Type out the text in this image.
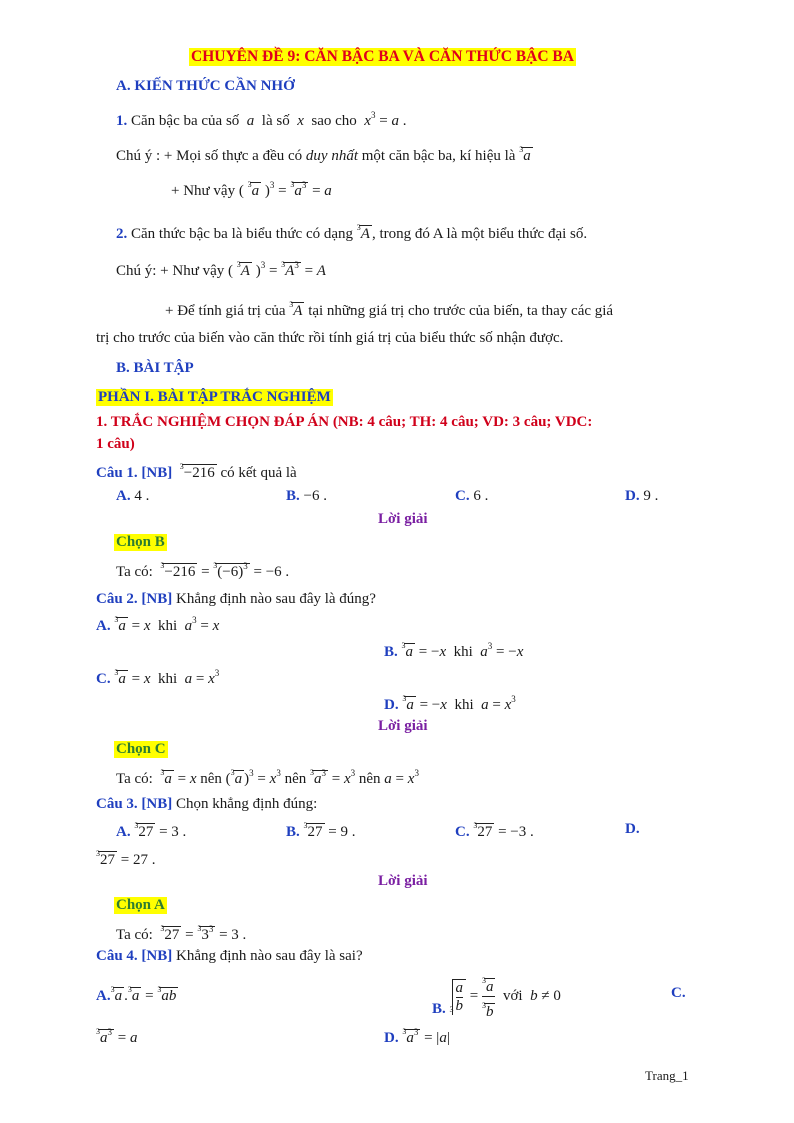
CHUYÊN ĐỀ 9: CĂN BẬC BA VÀ CĂN THỨC BẬC BA
A. KIẾN THỨC CẦN NHỚ
1. Căn bậc ba của số  a  là số  x  sao cho $x^3 = a$ .
Chú ý : + Mọi số thực a đều có duy nhất một căn bậc ba, kí hiệu là $^3$a
+ Như vậy ( $^3$a )$^3 = ^3a^3 = a$
2. Căn thức bậc ba là biểu thức có dạng $^3$A , trong đó A là một biểu thức đại số.
Chú ý: + Như vậy ( $^3$A )$^3 = ^3A^3 = A$
+ Để tính giá trị của $^3$A tại những giá trị cho trước của biến, ta thay các giá
trị cho trước của biến vào căn thức rồi tính giá trị của biểu thức số nhận được.
B. BÀI TẬP
PHẦN I. BÀI TẬP TRẮC NGHIỆM
1. TRẮC NGHIỆM CHỌN ĐÁP ÁN (NB: 4 câu; TH: 4 câu; VD: 3 câu; VDC:
1 câu)
Câu 1. [NB] $^3$−216 có kết quả là
A. 4 .	B. −6 .	C. 6 .	D. 9 .
Lời giải
Chọn B
Ta có: $^3-216 = ^3(-6)^3 = -6$ .
Câu 2. [NB] Khẳng định nào sau đây là đúng?
A. $^3$a = x khi $a^3 = x$
B. $^3$a = −x khi $a^3 = -x$
C. $^3$a = x khi $a = x^3$
D. $^3$a = −x khi $a = x^3$
Lời giải
Chọn C
Ta có: $^3$a = x nên ($^3$a )$^3 = x^3$ nên $^3a^3 = x^3$ nên $a = x^3$
Câu 3. [NB] Chọn khẳng định đúng:
A. $^3$27 = 3 .	B. $^3$27 = 9 .	C. $^3$27 = −3 .	D.
$^3$27 = 27 .
Lời giải
Chọn A
Ta có: $^327 = ^33^3 = 3$ .
Câu 4. [NB] Khẳng định nào sau đây là sai?
A.$^3$a .$^3$a = $^3$ab
B. 3
$\frac{a}{b} = \frac{^3a}{^3b}$ với b ≠ 0	C.
$^3a^3 = a$	D. $^3a^3 = |a|$
Trang_1
